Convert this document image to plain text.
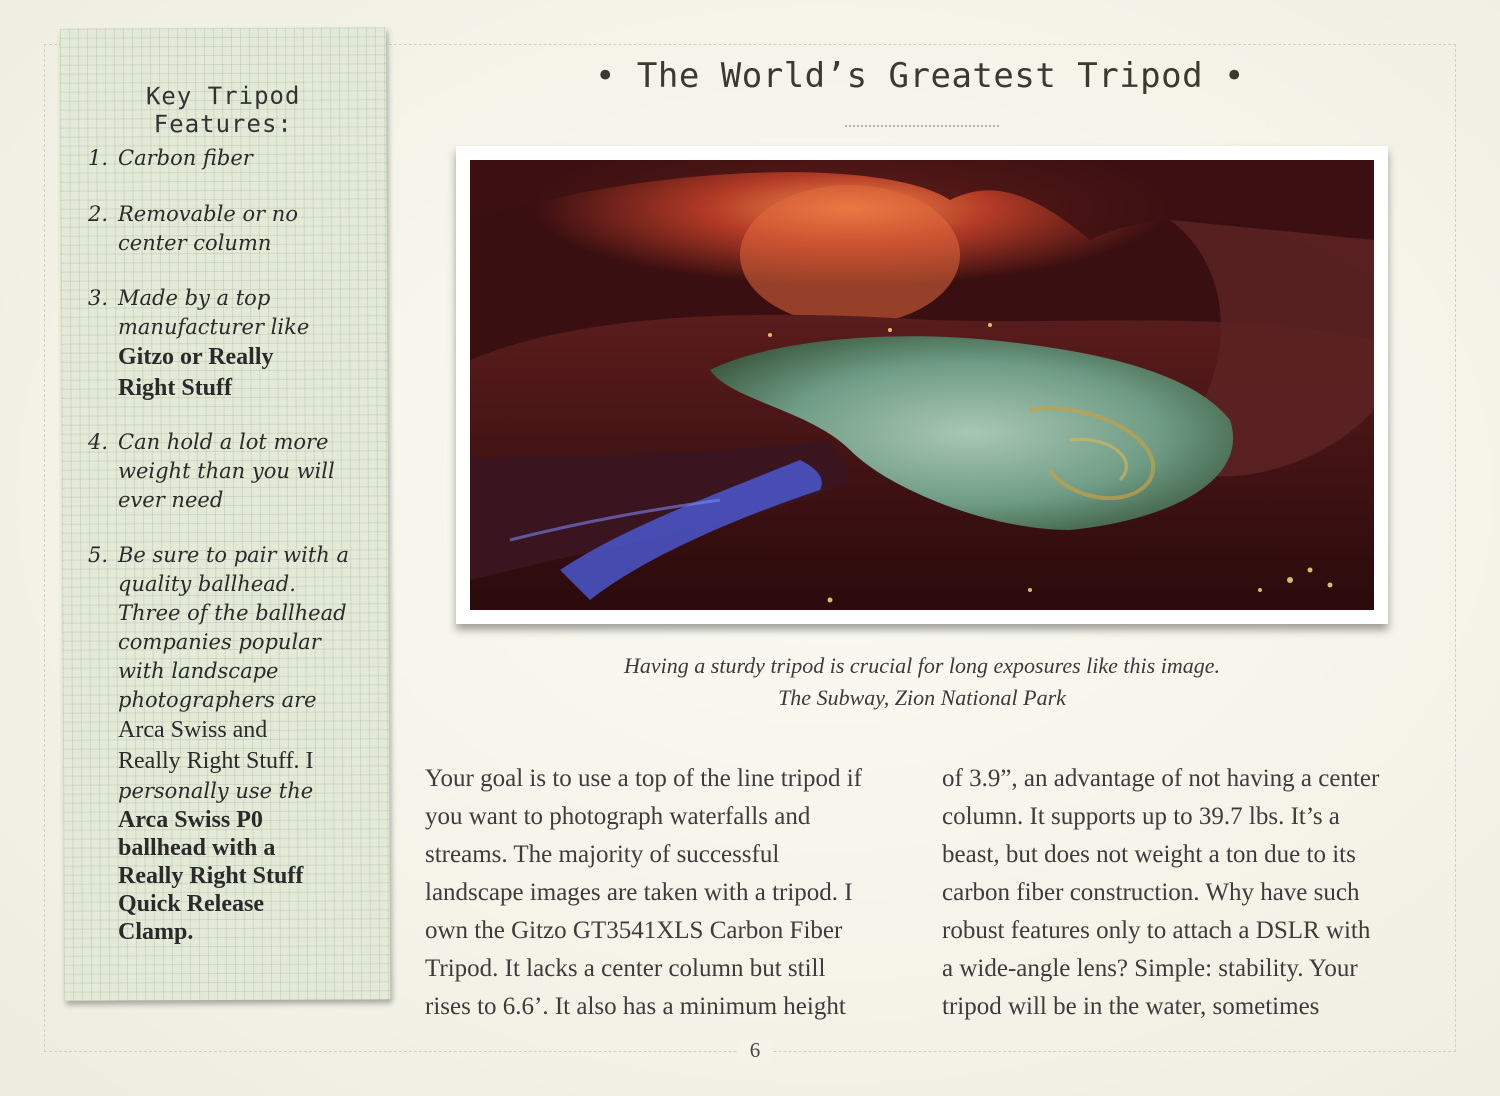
Key Tripod
Features:
1. Carbon fiber
2. Removable or no
center column
3. Made by a top
manufacturer like
Gitzo or Really
Right Stuff
4. Can hold a lot more
weight than you will
ever need
5. Be sure to pair with a
quality ballhead.
Three of the ballhead
companies popular
with landscape
photographers are
Arca Swiss and
Really Right Stuff. I
personally use the
Arca Swiss P0
ballhead with a
Really Right Stuff
Quick Release
Clamp.
• The World’s Greatest Tripod •
Having a sturdy tripod is crucial for long exposures like this image.
The Subway, Zion National Park
Your goal is to use a top of the line tripod if
you want to photograph waterfalls and
streams. The majority of successful
landscape images are taken with a tripod. I
own the Gitzo GT3541XLS Carbon Fiber
Tripod. It lacks a center column but still
rises to 6.6’. It also has a minimum height
of 3.9”, an advantage of not having a center
column. It supports up to 39.7 lbs. It’s a
beast, but does not weight a ton due to its
carbon fiber construction. Why have such
robust features only to attach a DSLR with
a wide-angle lens? Simple: stability. Your
tripod will be in the water, sometimes
6
